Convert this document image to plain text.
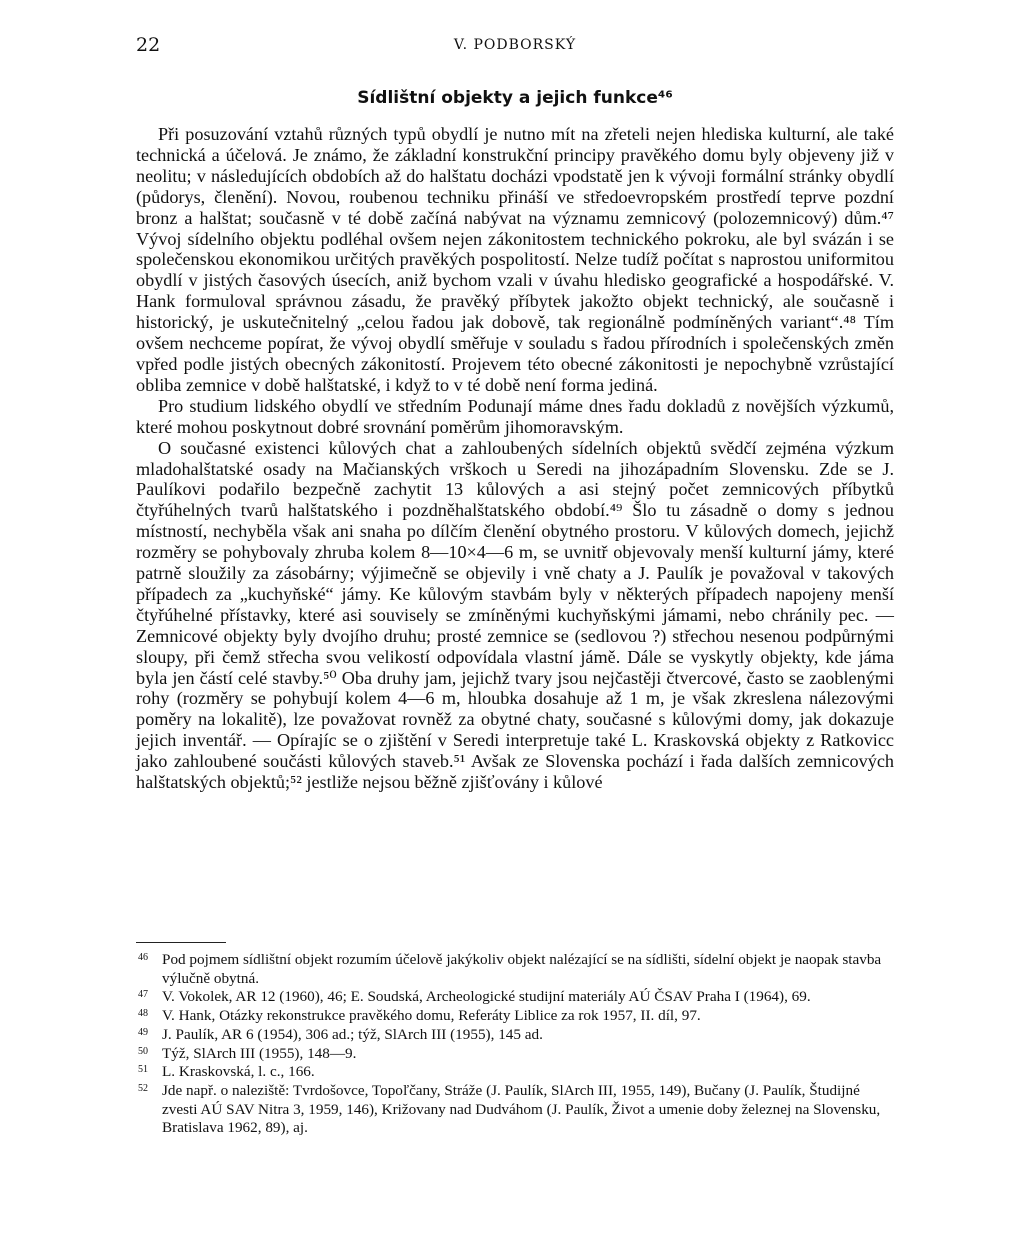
22	V. PODBORSKÝ
Sídlištní objekty a jejich funkce⁴⁶

Při posuzování vztahů různých typů obydlí je nutno mít na zřeteli nejen hlediska kulturní, ale také technická a účelová. Je známo, že základní konstrukční principy pravěkého domu byly objeveny již v neolitu; v následujících obdobích až do halštatu docházi vpodstatě jen k vývoji formální stránky obydlí (půdorys, členění). Novou, roubenou techniku přináší ve středoevropském prostředí teprve pozdní bronz a halštat; současně v té době začíná nabývat na významu zemnicový (polozemnicový) dům.⁴⁷ Vývoj sídelního objektu podléhal ovšem nejen zákonitostem technického pokroku, ale byl svázán i se společenskou ekonomikou určitých pravěkých pospolitostí. Nelze tudíž počítat s naprostou uniformitou obydlí v jistých časových úsecích, aniž bychom vzali v úvahu hledisko geografické a hospodářské. V. Hank formuloval správnou zásadu, že pravěký příbytek jakožto objekt technický, ale současně i historický, je uskutečnitelný „celou řadou jak dobově, tak regionálně podmíněných variant“.⁴⁸ Tím ovšem nechceme popírat, že vývoj obydlí směřuje v souladu s řadou přírodních i společenských změn vpřed podle jistých obecných zákonitostí. Projevem této obecné zákonitosti je nepochybně vzrůstající obliba zemnice v době halštatské, i když to v té době není forma jediná.

Pro studium lidského obydlí ve středním Podunají máme dnes řadu dokladů z novějších výzkumů, které mohou poskytnout dobré srovnání poměrům jihomoravským.

O současné existenci kůlových chat a zahloubených sídelních objektů svědčí zejména výzkum mladohalštatské osady na Mačianských vrškoch u Seredi na jihozápadním Slovensku. Zde se J. Paulíkovi podařilo bezpečně zachytit 13 kůlových a asi stejný počet zemnicových příbytků čtyřúhelných tvarů halštatského i pozdněhalštatského období.⁴⁹ Šlo tu zásadně o domy s jednou místností, nechyběla však ani snaha po dílčím členění obytného prostoru. V kůlových domech, jejichž rozměry se pohybovaly zhruba kolem 8—10×4—6 m, se uvnitř objevovaly menší kulturní jámy, které patrně sloužily za zásobárny; výjimečně se objevily i vně chaty a J. Paulík je považoval v takových případech za „kuchyňské“ jámy. Ke kůlovým stavbám byly v některých případech napojeny menší čtyřúhelné přístavky, které asi souvisely se zmíněnými kuchyňskými jámami, nebo chránily pec. — Zemnicové objekty byly dvojího druhu; prosté zemnice se (sedlovou ?) střechou nesenou podpůrnými sloupy, při čemž střecha svou velikostí odpovídala vlastní jámě. Dále se vyskytly objekty, kde jáma byla jen částí celé stavby.⁵⁰ Oba druhy jam, jejichž tvary jsou nejčastěji čtvercové, často se zaoblenými rohy (rozměry se pohybují kolem 4—6 m, hloubka dosahuje až 1 m, je však zkreslena nálezovými poměry na lokalitě), lze považovat rovněž za obytné chaty, současné s kůlovými domy, jak dokazuje jejich inventář. — Opírajíc se o zjištění v Seredi interpretuje také L. Kraskovská objekty z Ratkovicc jako zahloubené součásti kůlových staveb.⁵¹ Avšak ze Slovenska pochází i řada dalších zemnicových halštatských objektů;⁵² jestliže nejsou běžně zjišťovány i kůlové

46 Pod pojmem sídlištní objekt rozumím účelově jakýkoliv objekt nalézající se na sídlišti, sídelní objekt je naopak stavba výlučně obytná.
47 V. Vokolek, AR 12 (1960), 46; E. Soudská, Archeologické studijní materiály AÚ ČSAV Praha I (1964), 69.
48 V. Hank, Otázky rekonstrukce pravěkého domu, Referáty Liblice za rok 1957, II. díl, 97.
49 J. Paulík, AR 6 (1954), 306 ad.; týž, SlArch III (1955), 145 ad.
50 Týž, SlArch III (1955), 148—9.
51 L. Kraskovská, l. c., 166.
52 Jde např. o naleziště: Tvrdošovce, Topoľčany, Stráže (J. Paulík, SlArch III, 1955, 149), Bučany (J. Paulík, Študijné zvesti AÚ SAV Nitra 3, 1959, 146), Križovany nad Dudváhom (J. Paulík, Život a umenie doby železnej na Slovensku, Bratislava 1962, 89), aj.
